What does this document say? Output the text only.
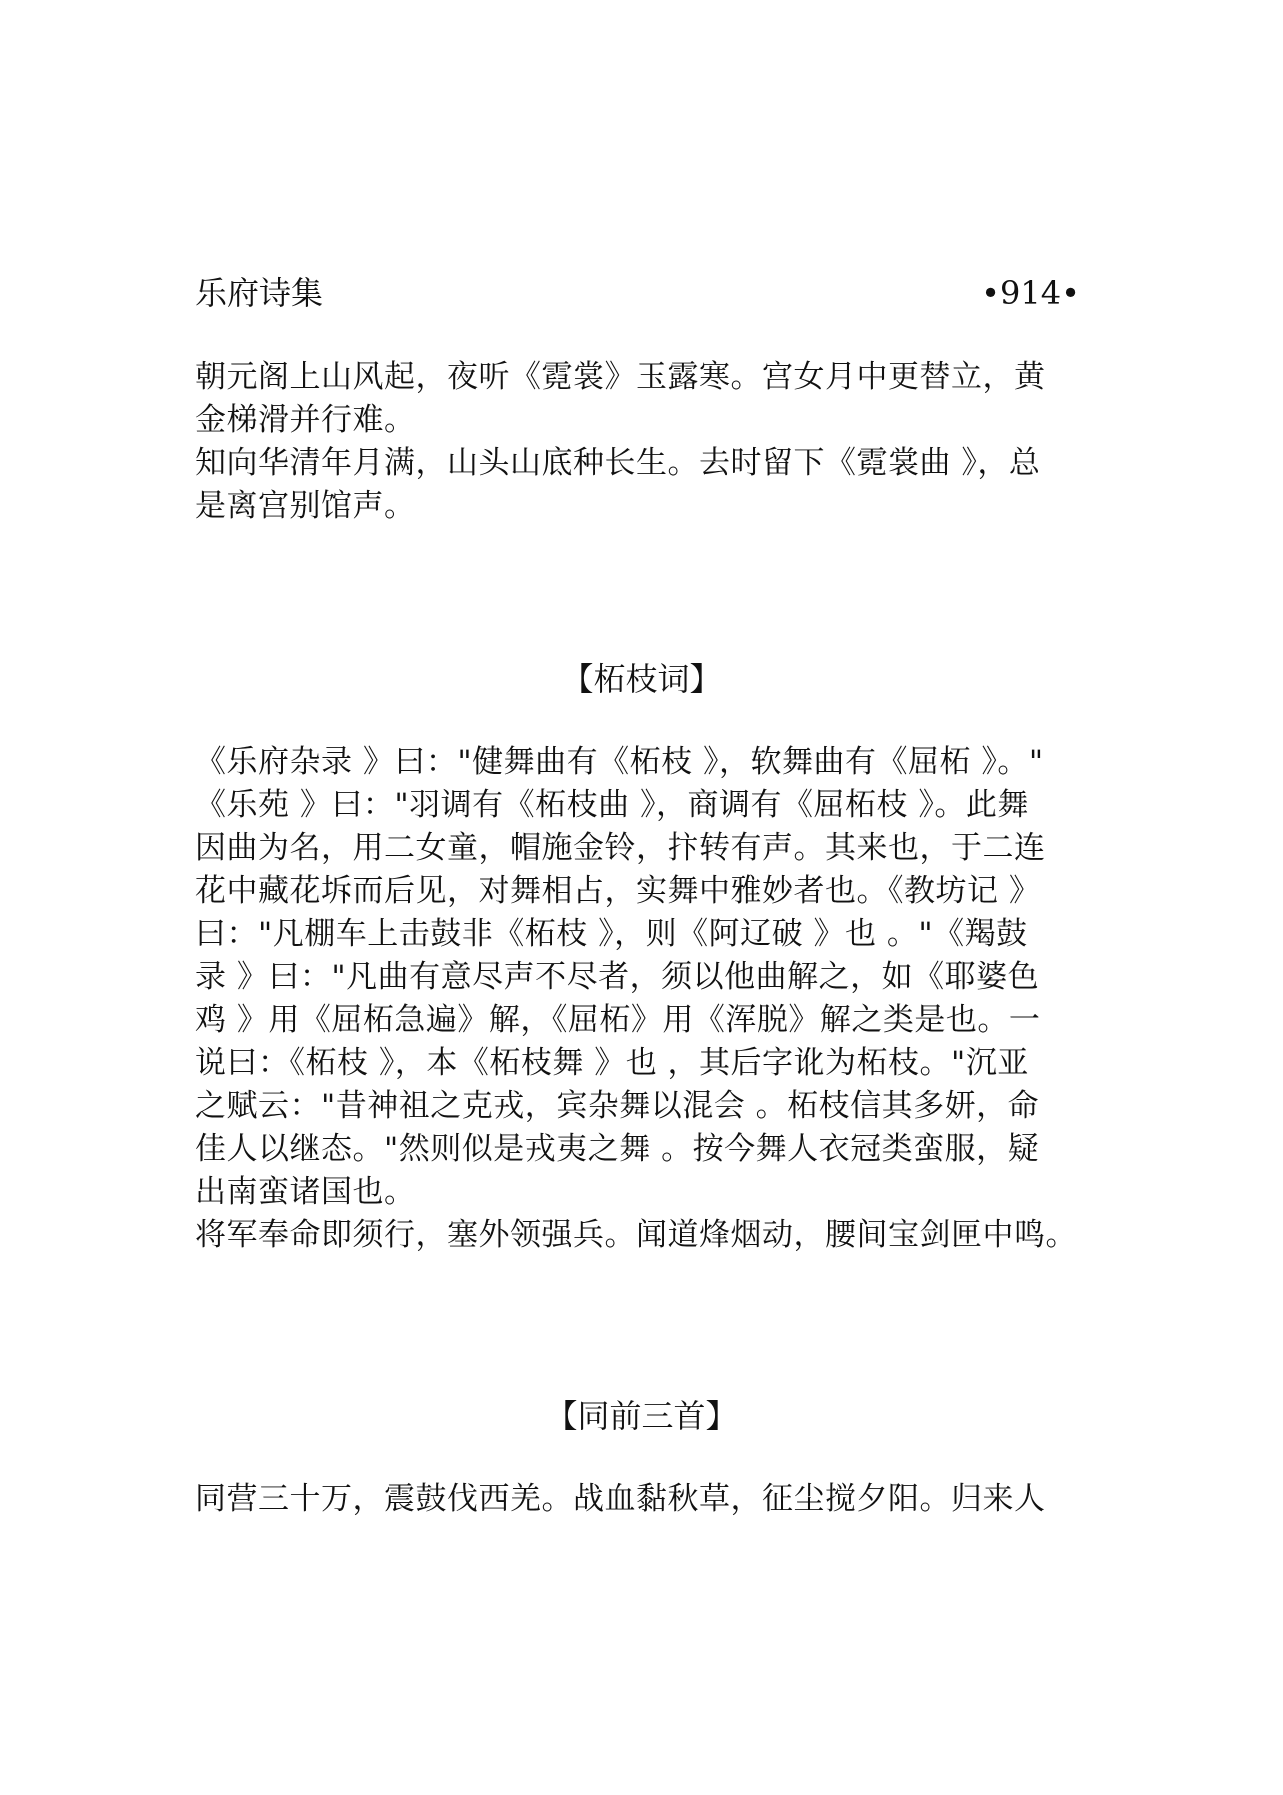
乐府诗集	•914•
朝元阁上山风起，夜听《霓裳》玉露寒。宫女月中更替立，黄
金梯滑并行难。
知向华清年月满，山头山底种长生。去时留下《霓裳曲 》，总
是离宫别馆声。
【柘枝词】
《乐府杂录 》曰："健舞曲有《柘枝 》，软舞曲有《屈柘 》。"
《乐苑 》曰："羽调有《柘枝曲 》，商调有《屈柘枝 》。此舞
因曲为名，用二女童，帽施金铃，抃转有声。其来也，于二连
花中藏花坼而后见，对舞相占，实舞中雅妙者也。《教坊记 》
曰："凡棚车上击鼓非《柘枝 》，则《阿辽破 》也 。"《羯鼓
录 》曰："凡曲有意尽声不尽者，须以他曲解之，如《耶婆色
鸡 》用《屈柘急遍》解，《屈柘》用《浑脱》解之类是也。一
说曰：《柘枝 》，本《柘枝舞 》也 ，其后字讹为柘枝。"沉亚
之赋云："昔神祖之克戎，宾杂舞以混会 。柘枝信其多妍，命
佳人以继态。"然则似是戎夷之舞 。按今舞人衣冠类蛮服，疑
出南蛮诸国也。
将军奉命即须行，塞外领强兵。闻道烽烟动，腰间宝剑匣中鸣。
【同前三首】
同营三十万，震鼓伐西羌。战血黏秋草，征尘搅夕阳。归来人
